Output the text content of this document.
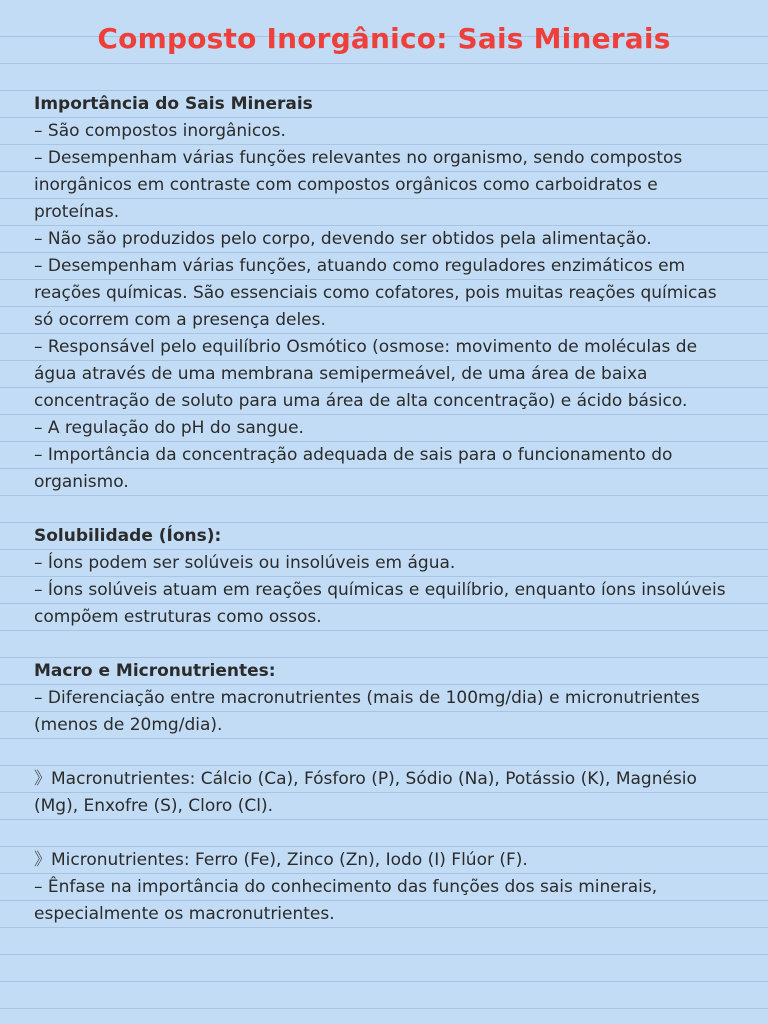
Composto Inorgânico: Sais Minerais
Importância do Sais Minerais

– São compostos inorgânicos.

– Desempenham várias funções relevantes no organismo, sendo compostos inorgânicos em contraste com compostos orgânicos como carboidratos e proteínas.

– Não são produzidos pelo corpo, devendo ser obtidos pela alimentação.

– Desempenham várias funções, atuando como reguladores enzimáticos em reações químicas. São essenciais como cofatores, pois muitas reações químicas só ocorrem com a presença deles.

– Responsável pelo equilíbrio Osmótico (osmose: movimento de moléculas de água através de uma membrana semipermeável, de uma área de baixa concentração de soluto para uma área de alta concentração) e ácido básico.

– A regulação do pH do sangue.

– Importância da concentração adequada de sais para o funcionamento do organismo.

Solubilidade (Íons):

– Íons podem ser solúveis ou insolúveis em água.

– Íons solúveis atuam em reações químicas e equilíbrio, enquanto íons insolúveis compõem estruturas como ossos.

Macro e Micronutrientes:

– Diferenciação entre macronutrientes (mais de 100mg/dia) e micronutrientes (menos de 20mg/dia).

》Macronutrientes: Cálcio (Ca), Fósforo (P), Sódio (Na), Potássio (K), Magnésio (Mg), Enxofre (S), Cloro (Cl).

》Micronutrientes: Ferro (Fe), Zinco (Zn), Iodo (I) Flúor (F).

– Ênfase na importância do conhecimento das funções dos sais minerais, especialmente os macronutrientes.
